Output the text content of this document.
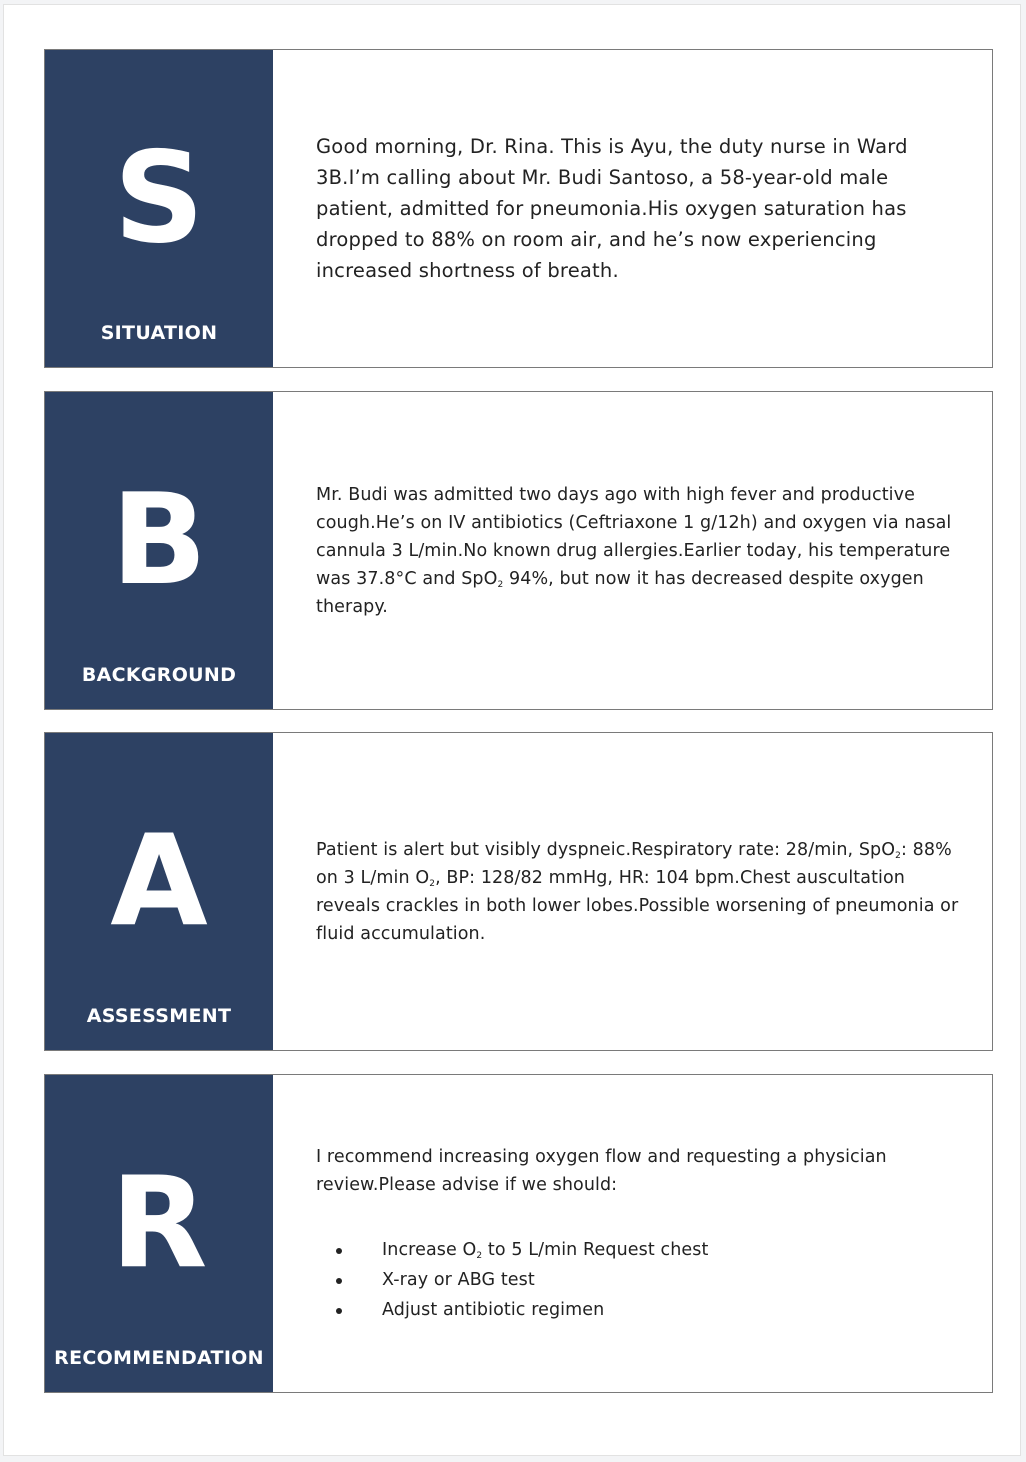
S
SITUATION
Good morning, Dr. Rina. This is Ayu, the duty nurse in Ward 3B.I’m calling about Mr. Budi Santoso, a 58-year-old male patient, admitted for pneumonia.His oxygen saturation has dropped to 88% on room air, and he’s now experiencing increased shortness of breath.
B
BACKGROUND
Mr. Budi was admitted two days ago with high fever and productive cough.He’s on IV antibiotics (Ceftriaxone 1 g/12h) and oxygen via nasal cannula 3 L/min.No known drug allergies.Earlier today, his temperature was 37.8°C and SpO$_2$ 94%, but now it has decreased despite oxygen therapy.
A
ASSESSMENT
Patient is alert but visibly dyspneic.Respiratory rate: 28/min, SpO$_2$: 88% on 3 L/min $O_2$, BP: 128/82 mmHg, HR: 104 bpm.Chest auscultation reveals crackles in both lower lobes.Possible worsening of pneumonia or fluid accumulation.
R
RECOMMENDATION
I recommend increasing oxygen flow and requesting a physician review.Please advise if we should:
Increase $O_2$ to 5 L/min Request chest
X-ray or ABG test
Adjust antibiotic regimen
